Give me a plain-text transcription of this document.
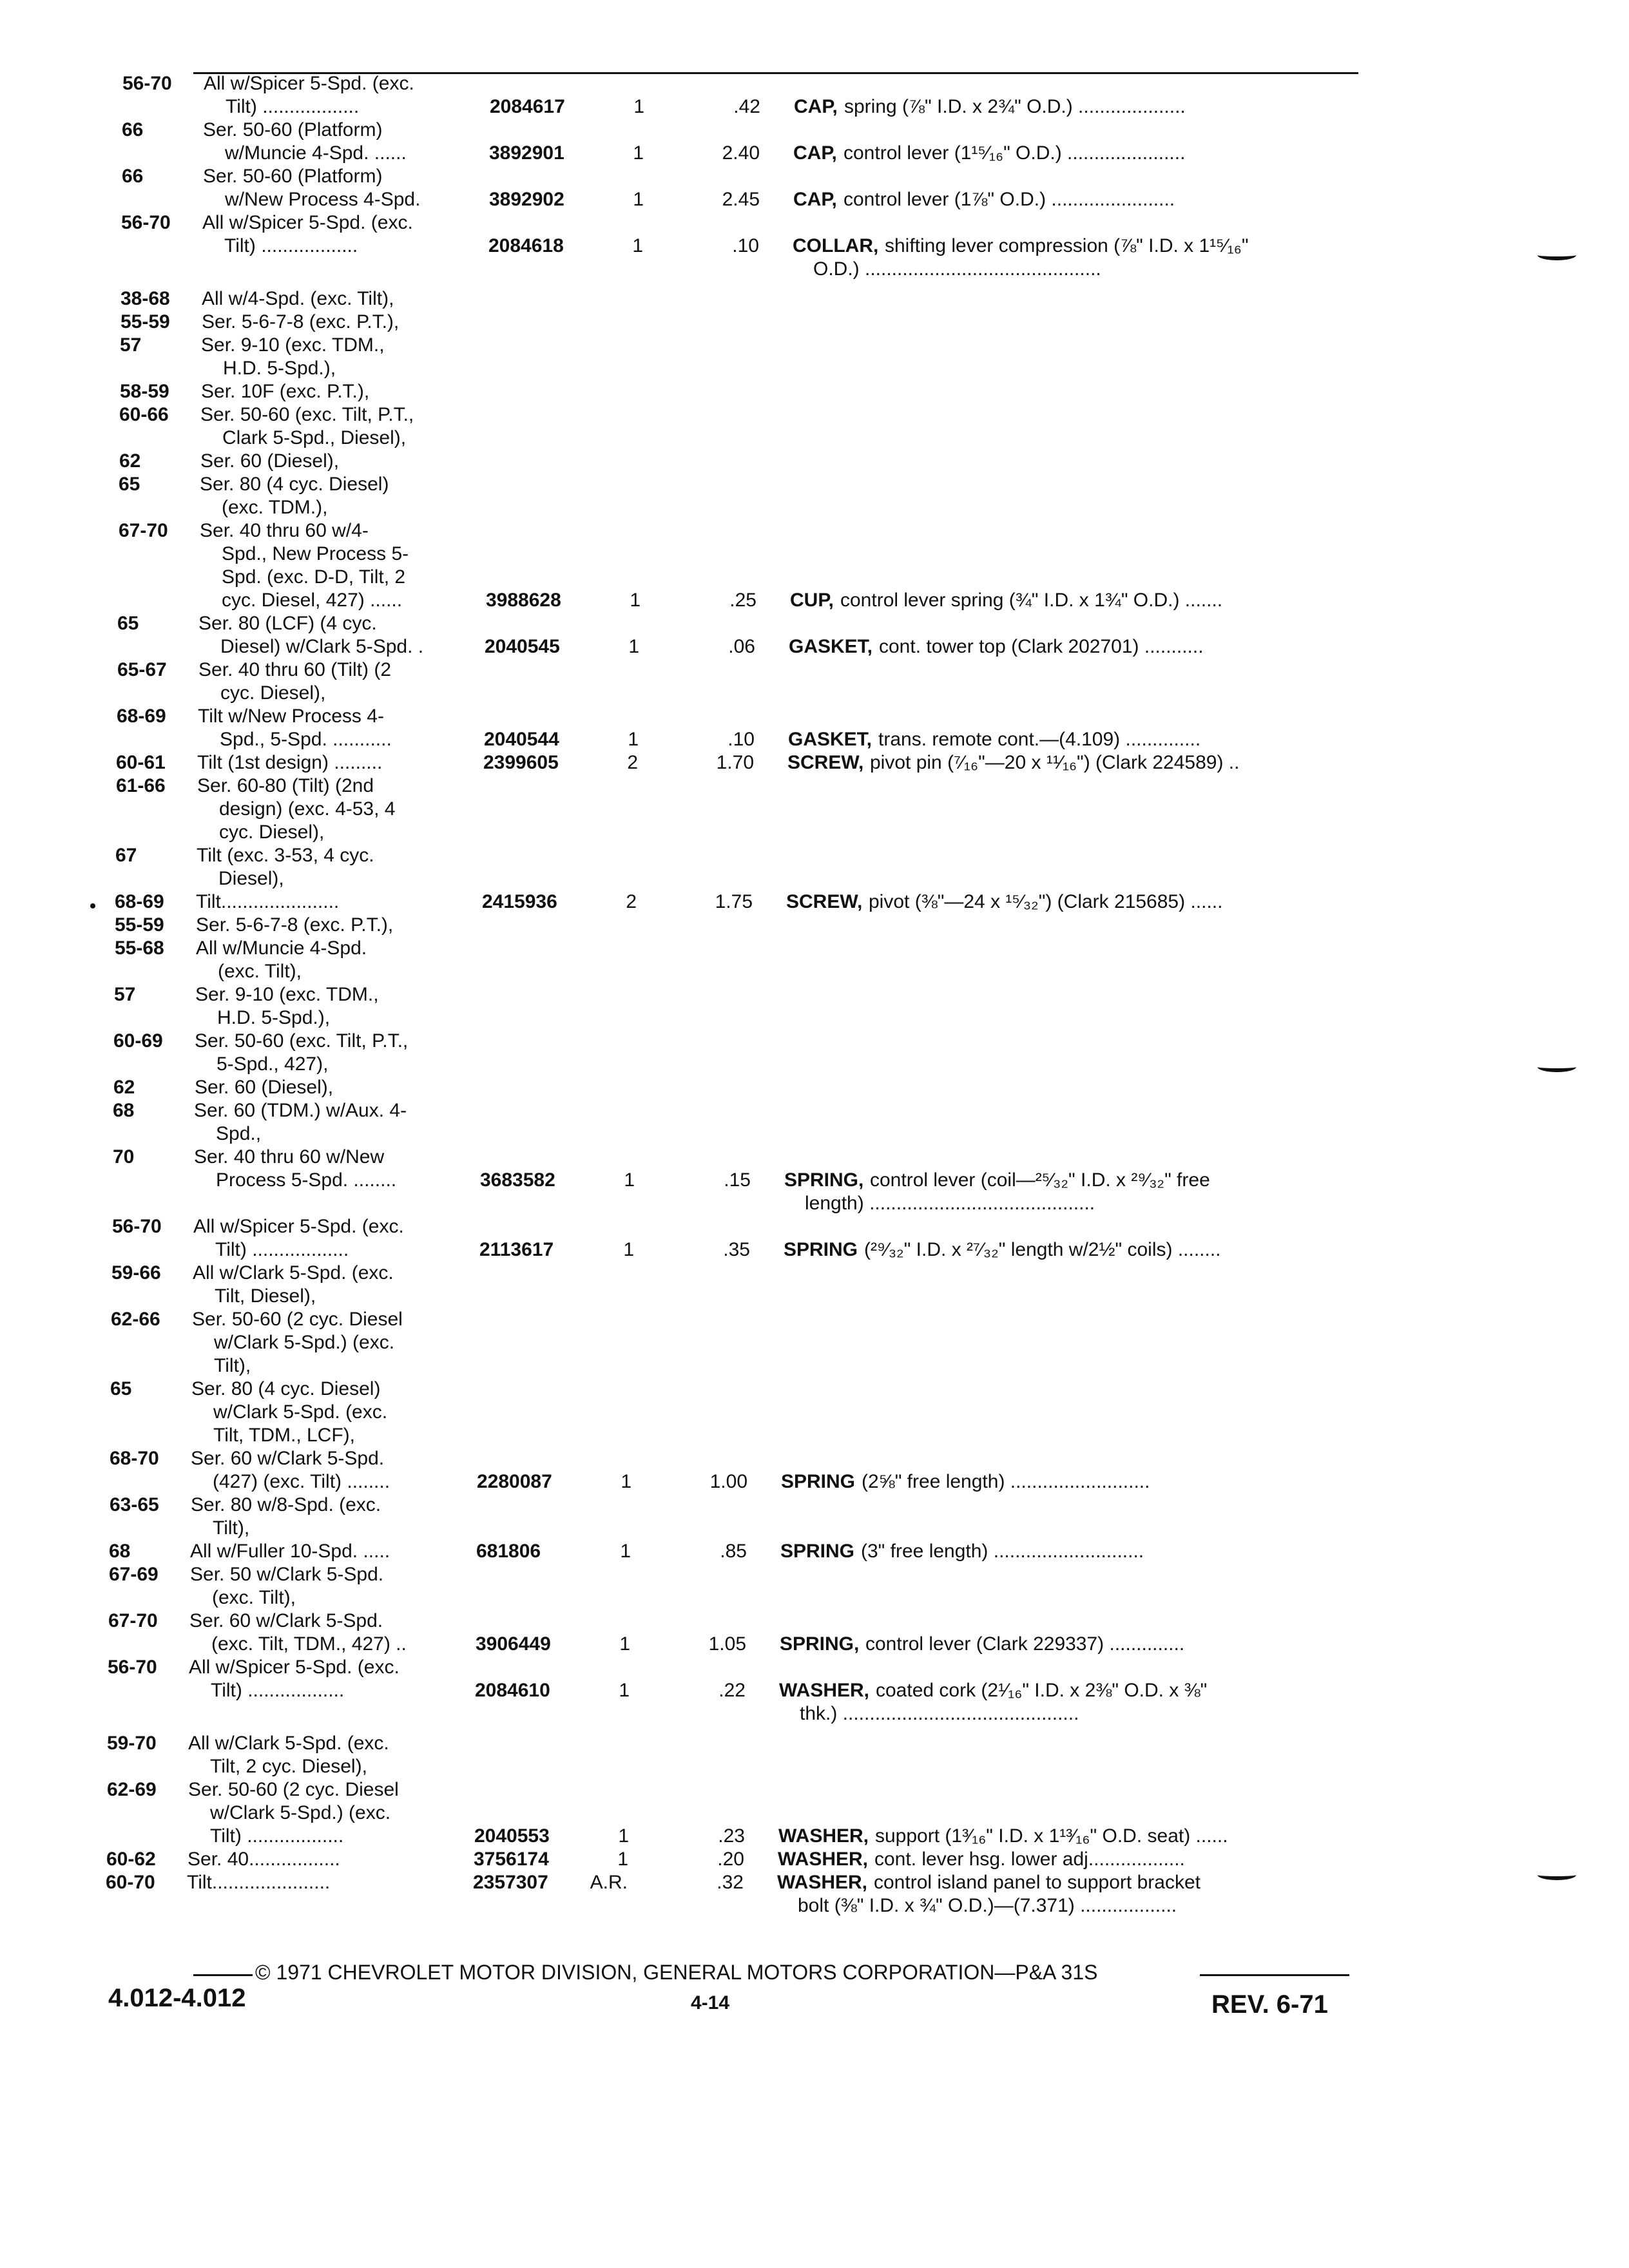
56-70 All w/Spicer 5-Spd. (exc.
Tilt) ..................	2084617	1	.42 CAP, spring (⅞" I.D. x 2¾" O.D.) ....................
66	Ser. 50-60 (Platform)
w/Muncie 4-Spd. ......	3892901	1	2.40 CAP, control lever (1¹⁵⁄₁₆" O.D.) ......................
66	Ser. 50-60 (Platform)
w/New Process 4-Spd.	3892902	1	2.45 CAP, control lever (1⅞" O.D.) .......................
56-70 All w/Spicer 5-Spd. (exc.
Tilt) ..................	2084618	1	.10 COLLAR, shifting lever compression (⅞" I.D. x 1¹⁵⁄₁₆"
O.D.) ............................................
38-68 All w/4-Spd. (exc. Tilt),
55-59 Ser. 5-6-7-8 (exc. P.T.),
57	Ser. 9-10 (exc. TDM.,
H.D. 5-Spd.),
58-59 Ser. 10F (exc. P.T.),
60-66 Ser. 50-60 (exc. Tilt, P.T.,
Clark 5-Spd., Diesel),
62	Ser. 60 (Diesel),
65	Ser. 80 (4 cyc. Diesel)
(exc. TDM.),
67-70 Ser. 40 thru 60 w/4-
Spd., New Process 5-
Spd. (exc. D-D, Tilt, 2
cyc. Diesel, 427) ......	3988628	1	.25 CUP, control lever spring (¾" I.D. x 1¾" O.D.) .......
65	Ser. 80 (LCF) (4 cyc.
Diesel) w/Clark 5-Spd. .	2040545	1	.06 GASKET, cont. tower top (Clark 202701) ...........
65-67 Ser. 40 thru 60 (Tilt) (2
cyc. Diesel),
68-69 Tilt w/New Process 4-
Spd., 5-Spd. ...........	2040544	1	.10 GASKET, trans. remote cont.—(4.109) ..............
60-61 Tilt (1st design) .........	2399605	2	1.70 SCREW, pivot pin (⁷⁄₁₆"—20 x ¹¹⁄₁₆") (Clark 224589) ..
61-66 Ser. 60-80 (Tilt) (2nd
design) (exc. 4-53, 4
cyc. Diesel),
67	Tilt (exc. 3-53, 4 cyc.
Diesel),
68-69 Tilt......................	2415936	2	1.75 SCREW, pivot (⅜"—24 x ¹⁵⁄₃₂") (Clark 215685) ......
55-59 Ser. 5-6-7-8 (exc. P.T.),
55-68 All w/Muncie 4-Spd.
(exc. Tilt),
57	Ser. 9-10 (exc. TDM.,
H.D. 5-Spd.),
60-69 Ser. 50-60 (exc. Tilt, P.T.,
5-Spd., 427),
62	Ser. 60 (Diesel),
68	Ser. 60 (TDM.) w/Aux. 4-
Spd.,
70	Ser. 40 thru 60 w/New
Process 5-Spd. ........	3683582	1	.15 SPRING, control lever (coil—²⁵⁄₃₂" I.D. x ²⁹⁄₃₂" free
length) ..........................................
56-70 All w/Spicer 5-Spd. (exc.
Tilt) ..................	2113617	1	.35 SPRING (²⁹⁄₃₂" I.D. x ²⁷⁄₃₂" length w/2½" coils) ........
59-66 All w/Clark 5-Spd. (exc.
Tilt, Diesel),
62-66 Ser. 50-60 (2 cyc. Diesel
w/Clark 5-Spd.) (exc.
Tilt),
65	Ser. 80 (4 cyc. Diesel)
w/Clark 5-Spd. (exc.
Tilt, TDM., LCF),
68-70 Ser. 60 w/Clark 5-Spd.
(427) (exc. Tilt) ........	2280087	1	1.00 SPRING (2⅝" free length) ..........................
63-65 Ser. 80 w/8-Spd. (exc.
Tilt),
68	All w/Fuller 10-Spd. .....	681806	1	.85 SPRING (3" free length) ............................
67-69 Ser. 50 w/Clark 5-Spd.
(exc. Tilt),
67-70 Ser. 60 w/Clark 5-Spd.
(exc. Tilt, TDM., 427) ..	3906449	1	1.05 SPRING, control lever (Clark 229337) ..............
56-70 All w/Spicer 5-Spd. (exc.
Tilt) ..................	2084610	1	.22 WASHER, coated cork (2¹⁄₁₆" I.D. x 2⅜" O.D. x ⅜"
thk.) ............................................
59-70 All w/Clark 5-Spd. (exc.
Tilt, 2 cyc. Diesel),
62-69 Ser. 50-60 (2 cyc. Diesel
w/Clark 5-Spd.) (exc.
Tilt) ..................	2040553	1	.23 WASHER, support (1³⁄₁₆" I.D. x 1¹³⁄₁₆" O.D. seat) ......
60-62 Ser. 40.................	3756174	1	.20 WASHER, cont. lever hsg. lower adj..................
60-70 Tilt......................	2357307	A.R.	.32 WASHER, control island panel to support bracket
bolt (⅜" I.D. x ¾" O.D.)—(7.371) ..................
© 1971 CHEVROLET MOTOR DIVISION, GENERAL MOTORS CORPORATION—P&A 31S
4.012-4.012	4-14	REV. 6-71
